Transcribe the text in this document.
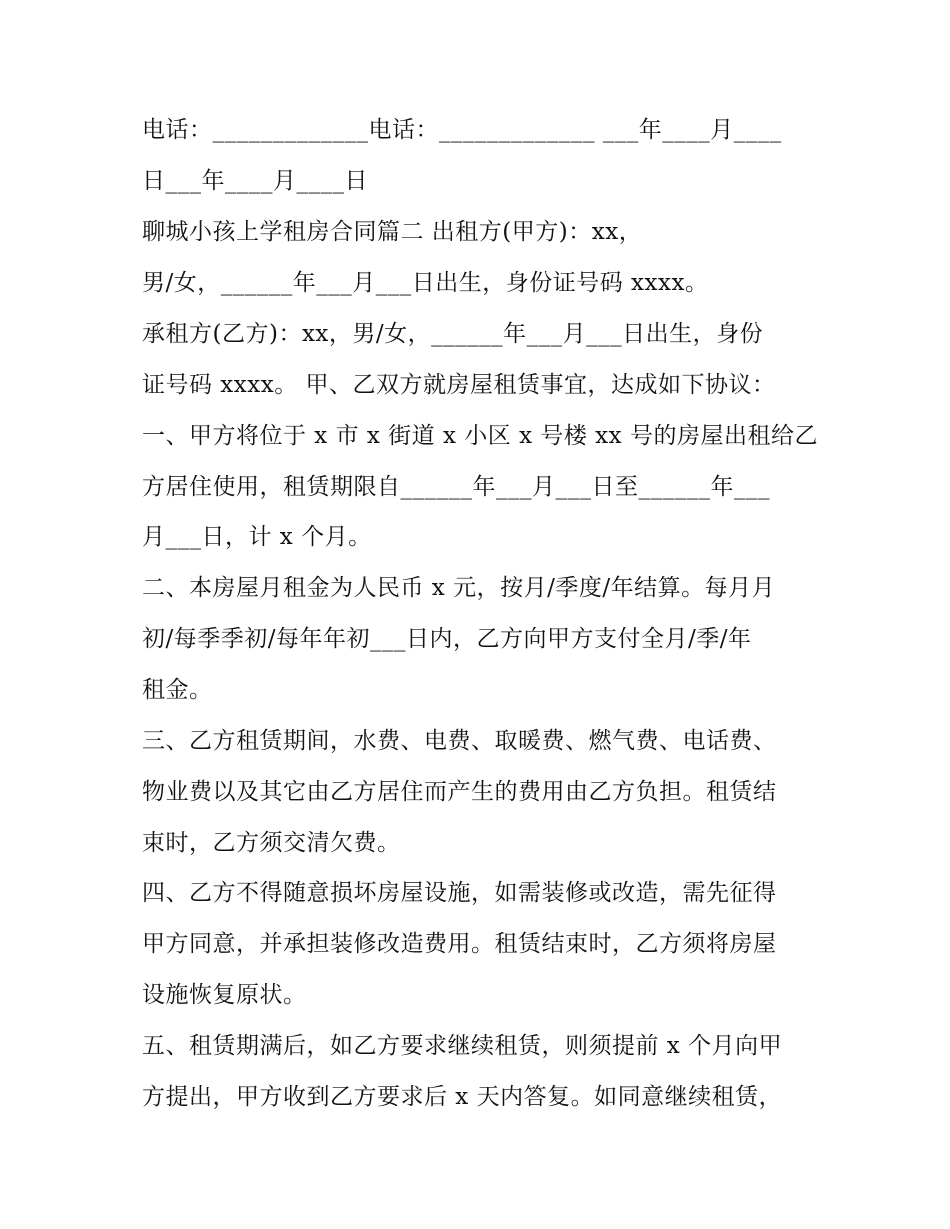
电话：_____________电话：_____________ ___年____月____
日___年____月____日
聊城小孩上学租房合同篇二 出租方(甲方)：xx，
男/女，______年___月___日出生，身份证号码 xxxx。
承租方(乙方)：xx，男/女，______年___月___日出生，身份
证号码 xxxx。 甲、乙双方就房屋租赁事宜，达成如下协议：
一、甲方将位于 x 市 x 街道 x 小区 x 号楼 xx 号的房屋出租给乙
方居住使用，租赁期限自______年___月___日至______年___
月___日，计 x 个月。
二、本房屋月租金为人民币 x 元，按月/季度/年结算。每月月
初/每季季初/每年年初___日内，乙方向甲方支付全月/季/年
租金。
三、乙方租赁期间，水费、电费、取暖费、燃气费、电话费、
物业费以及其它由乙方居住而产生的费用由乙方负担。租赁结
束时，乙方须交清欠费。
四、乙方不得随意损坏房屋设施，如需装修或改造，需先征得
甲方同意，并承担装修改造费用。租赁结束时，乙方须将房屋
设施恢复原状。
五、租赁期满后，如乙方要求继续租赁，则须提前 x 个月向甲
方提出，甲方收到乙方要求后 x 天内答复。如同意继续租赁，
